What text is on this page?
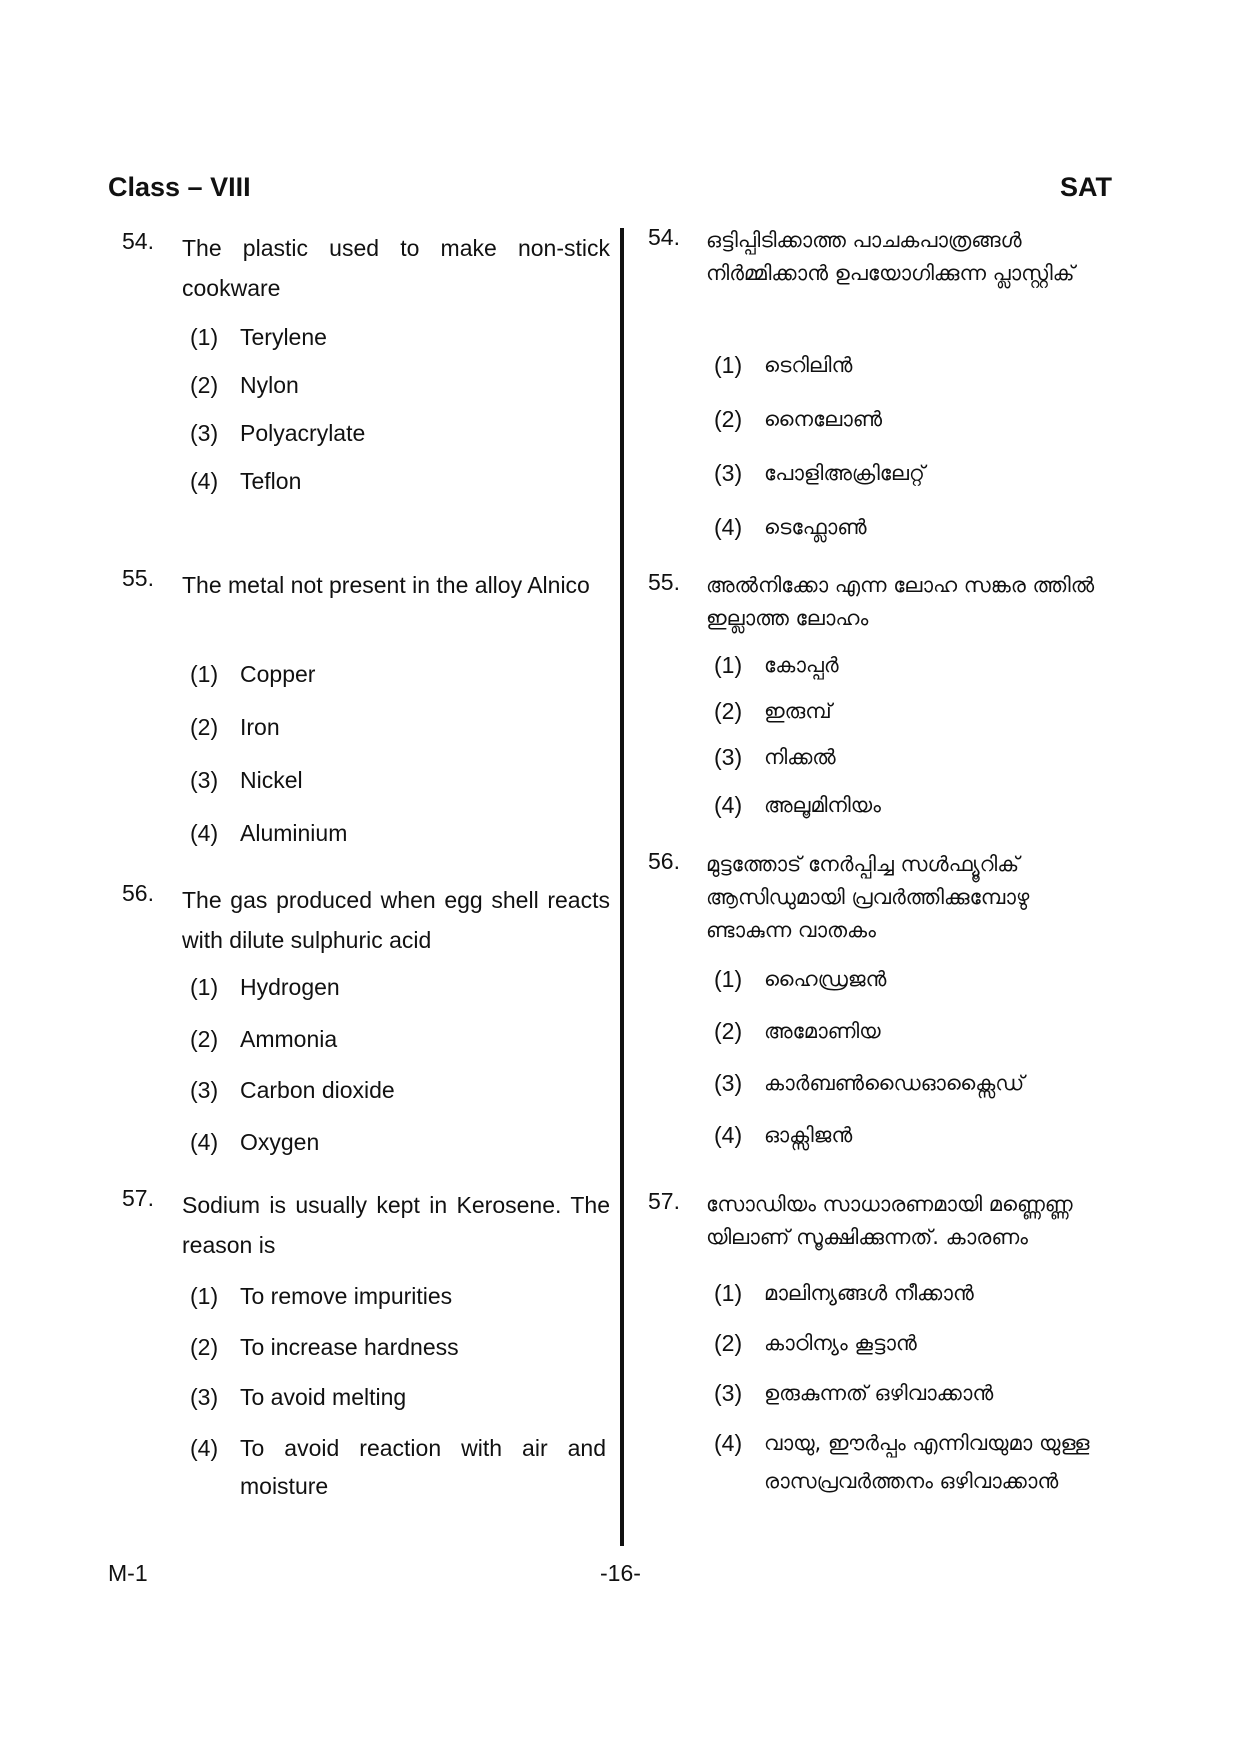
Class – VIII	SAT
54. The plastic used to make non-stick cookware
(1) Terylene
(2) Nylon
(3) Polyacrylate
(4) Teflon
55. The metal not present in the alloy Alnico
(1) Copper
(2) Iron
(3) Nickel
(4) Aluminium
56. The gas produced when egg shell reacts with dilute sulphuric acid
(1) Hydrogen
(2) Ammonia
(3) Carbon dioxide
(4) Oxygen
57. Sodium is usually kept in Kerosene. The reason is
(1) To remove impurities
(2) To increase hardness
(3) To avoid melting
(4) To avoid reaction with air and moisture
54. ഒട്ടിപ്പിടിക്കാത്ത പാചകപാത്രങ്ങൾ നിർമ്മിക്കാൻ ഉപയോഗിക്കുന്ന പ്ലാസ്റ്റിക്
(1) ടെറിലിൻ
(2) നൈലോൺ
(3) പോളിഅക്രിലേറ്റ്
(4) ടെഫ്ലോൺ
55. അൽനിക്കോ എന്ന ലോഹ സങ്കര ത്തിൽ ഇല്ലാത്ത ലോഹം
(1) കോപ്പർ
(2) ഇരുമ്പ്
(3) നിക്കൽ
(4) അലൂമിനിയം
56. മുട്ടത്തോട് നേർപ്പിച്ച സൾഫ്യൂറിക് ആസിഡുമായി പ്രവർത്തിക്കുമ്പോഴു ണ്ടാകുന്ന വാതകം
(1) ഹൈഡ്രജൻ
(2) അമോണിയ
(3) കാർബൺഡൈഓക്സൈഡ്
(4) ഓക്സിജൻ
57. സോഡിയം സാധാരണമായി മണ്ണെണ്ണ യിലാണ് സൂക്ഷിക്കുന്നത്. കാരണം
(1) മാലിന്യങ്ങൾ നീക്കാൻ
(2) കാഠിന്യം കൂട്ടാൻ
(3) ഉരുകുന്നത് ഒഴിവാക്കാൻ
(4) വായു, ഈർപ്പം എന്നിവയുമാ യുള്ള രാസപ്രവർത്തനം ഒഴിവാക്കാൻ
M-1	-16-
